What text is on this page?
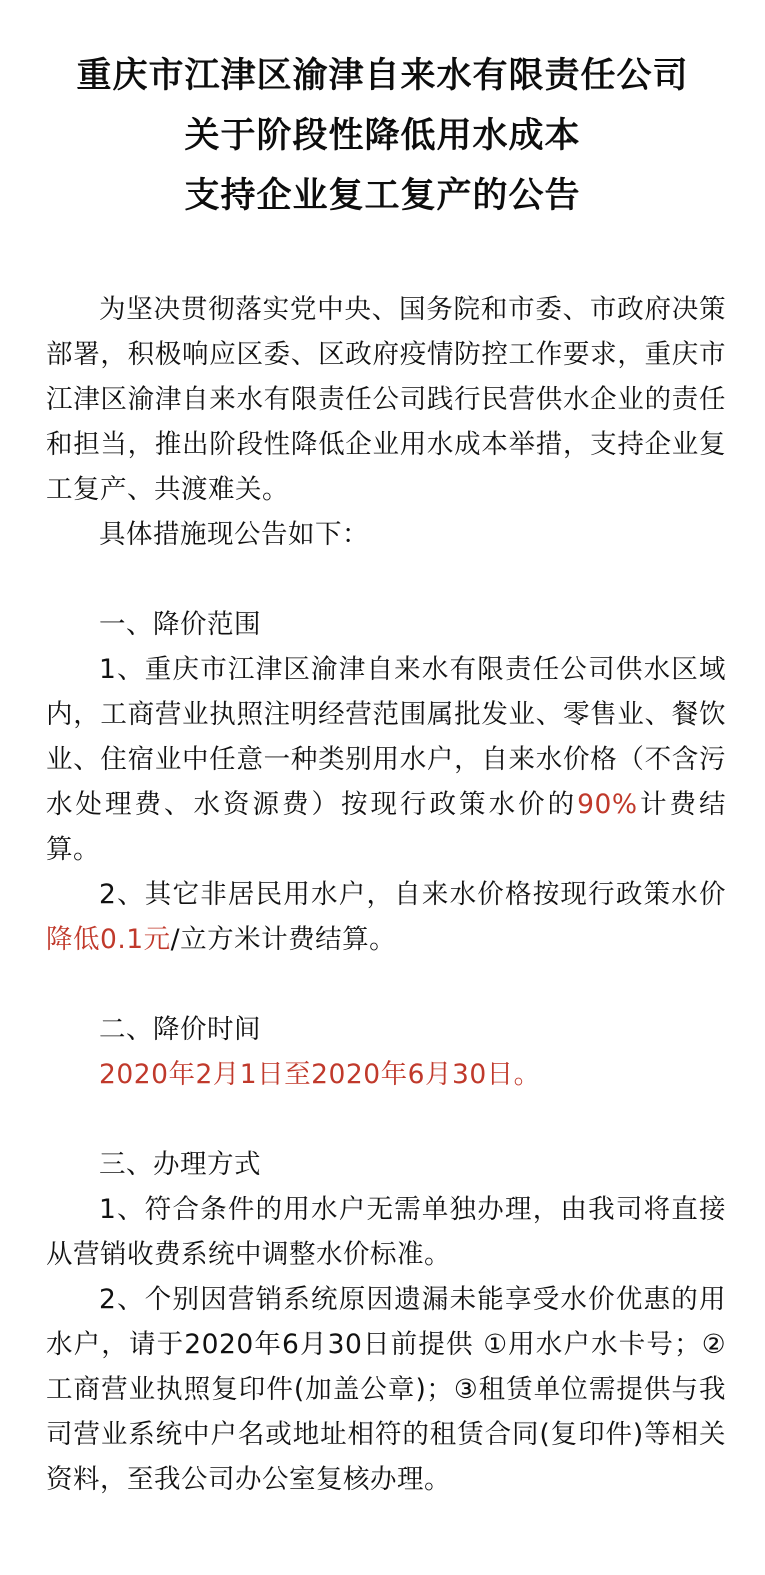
重庆市江津区渝津自来水有限责任公司
关于阶段性降低用水成本
支持企业复工复产的公告

为坚决贯彻落实党中央、国务院和市委、市政府决策部署，积极响应区委、区政府疫情防控工作要求，重庆市江津区渝津自来水有限责任公司践行民营供水企业的责任和担当，推出阶段性降低企业用水成本举措，支持企业复工复产、共渡难关。

具体措施现公告如下：

一、降价范围

1、重庆市江津区渝津自来水有限责任公司供水区域内，工商营业执照注明经营范围属批发业、零售业、餐饮业、住宿业中任意一种类别用水户，自来水价格（不含污水处理费、水资源费）按现行政策水价的90%计费结算。

2、其它非居民用水户，自来水价格按现行政策水价降低0.1元/立方米计费结算。

二、降价时间

2020年2月1日至2020年6月30日。

三、办理方式

1、符合条件的用水户无需单独办理，由我司将直接从营销收费系统中调整水价标准。

2、个别因营销系统原因遗漏未能享受水价优惠的用水户，请于2020年6月30日前提供 ①用水户水卡号；②工商营业执照复印件(加盖公章)；③租赁单位需提供与我司营业系统中户名或地址相符的租赁合同(复印件)等相关资料，至我公司办公室复核办理。
